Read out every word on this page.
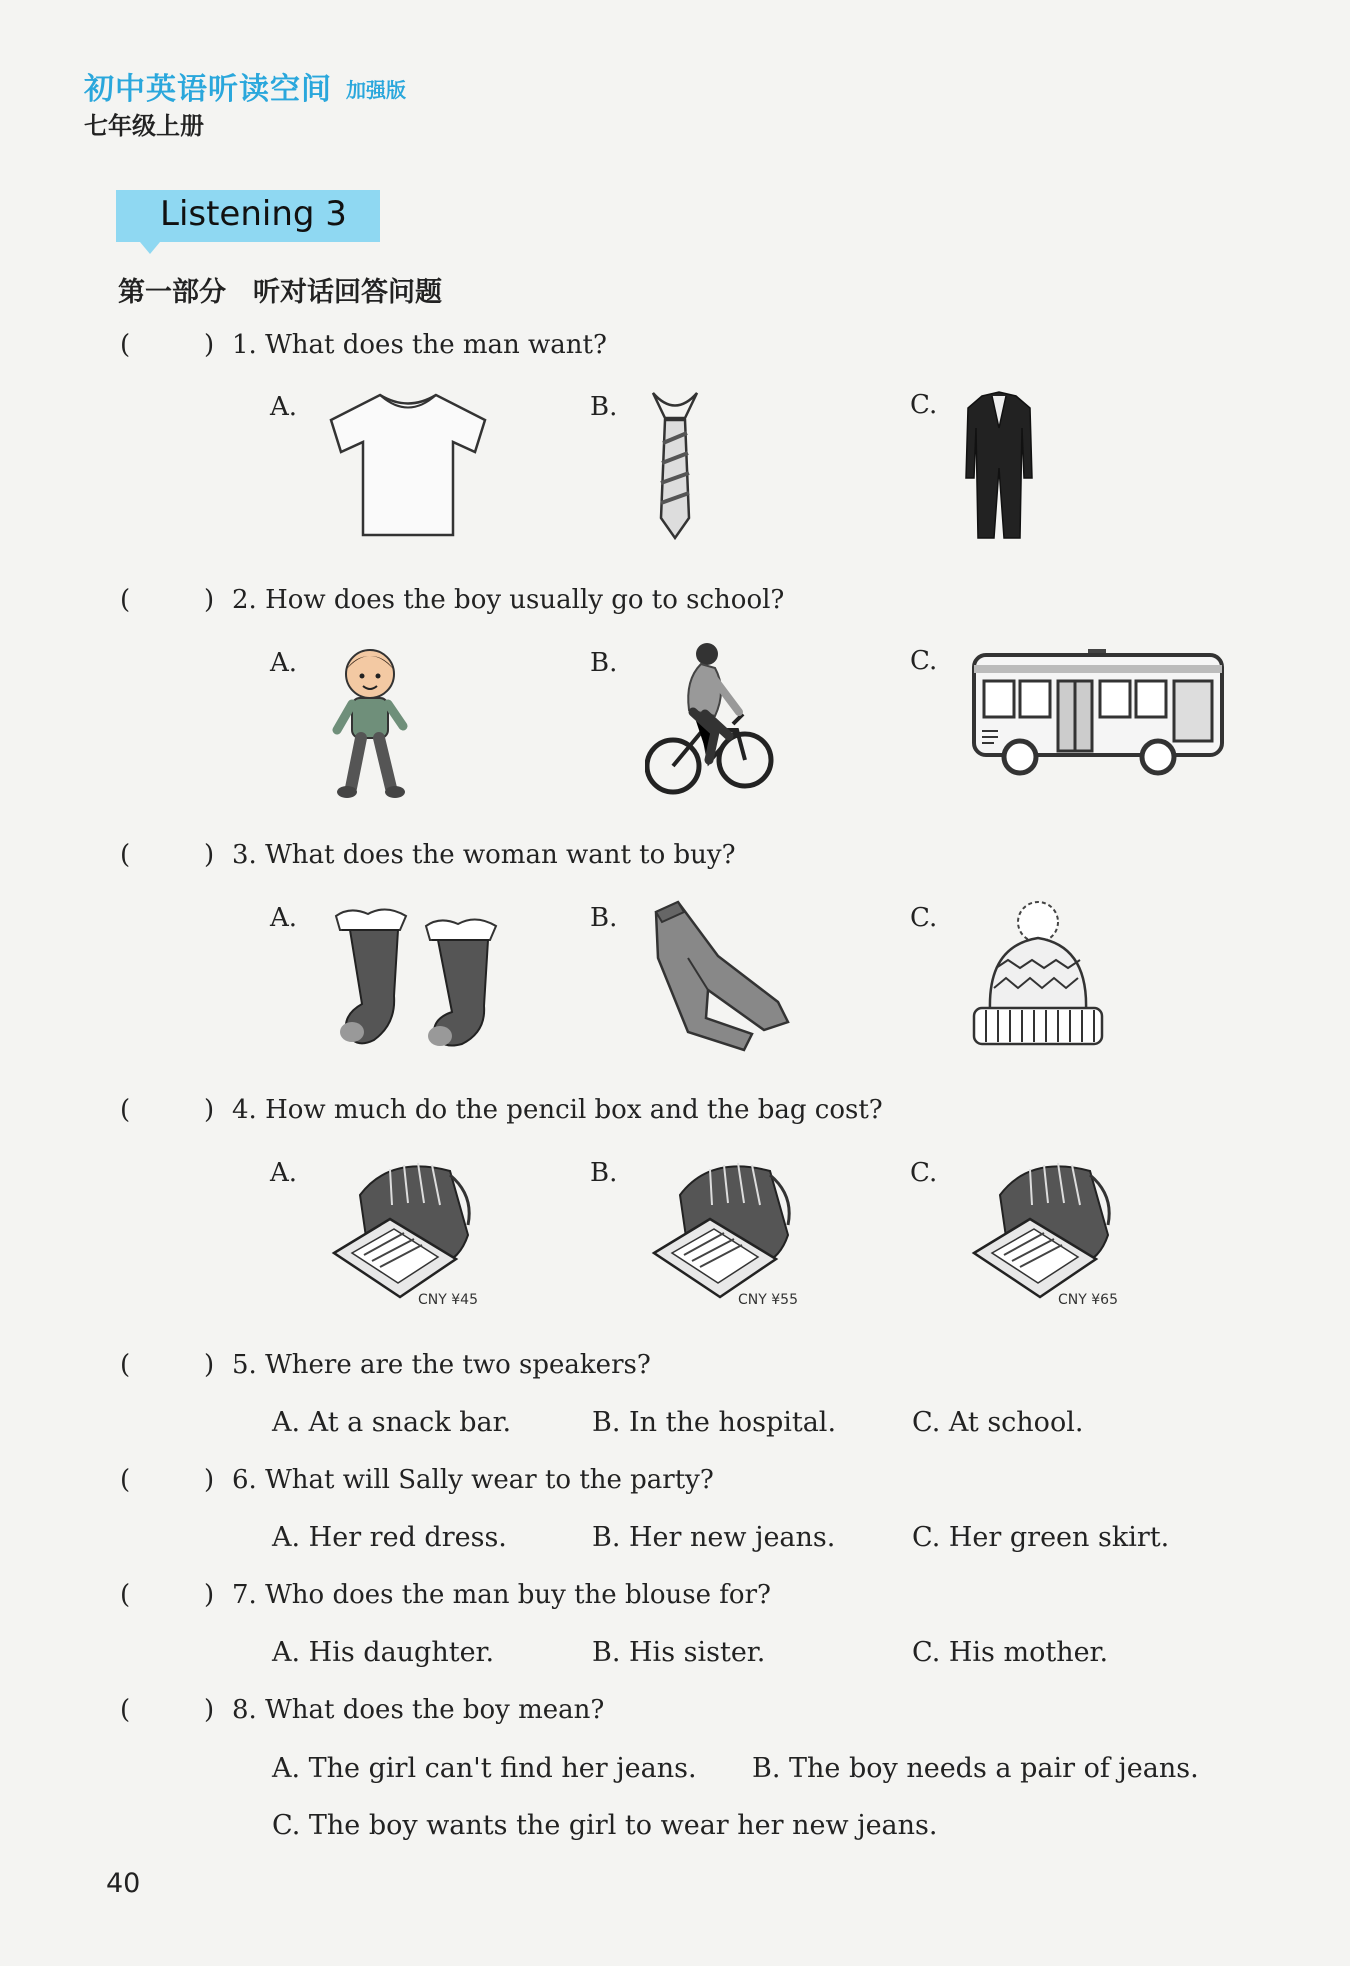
初中英语听读空间 加强版
七年级上册
Listening 3
第一部分　听对话回答问题
(	) 1. What does the man want?
A.	B.	C.
(	) 2. How does the boy usually go to school?
A.	B.	C.
(	) 3. What does the woman want to buy?
A.	B.	C.
(	) 4. How much do the pencil box and the bag cost?
A.	B.	C.
CNY ¥45	CNY ¥55	CNY ¥65
(	) 5. Where are the two speakers?
A. At a snack bar.	B. In the hospital.	C. At school.
(	) 6. What will Sally wear to the party?
A. Her red dress.	B. Her new jeans.	C. Her green skirt.
(	) 7. Who does the man buy the blouse for?
A. His daughter.	B. His sister.	C. His mother.
(	) 8. What does the boy mean?
A. The girl can't find her jeans. B. The boy needs a pair of jeans.
C. The boy wants the girl to wear her new jeans.
40
